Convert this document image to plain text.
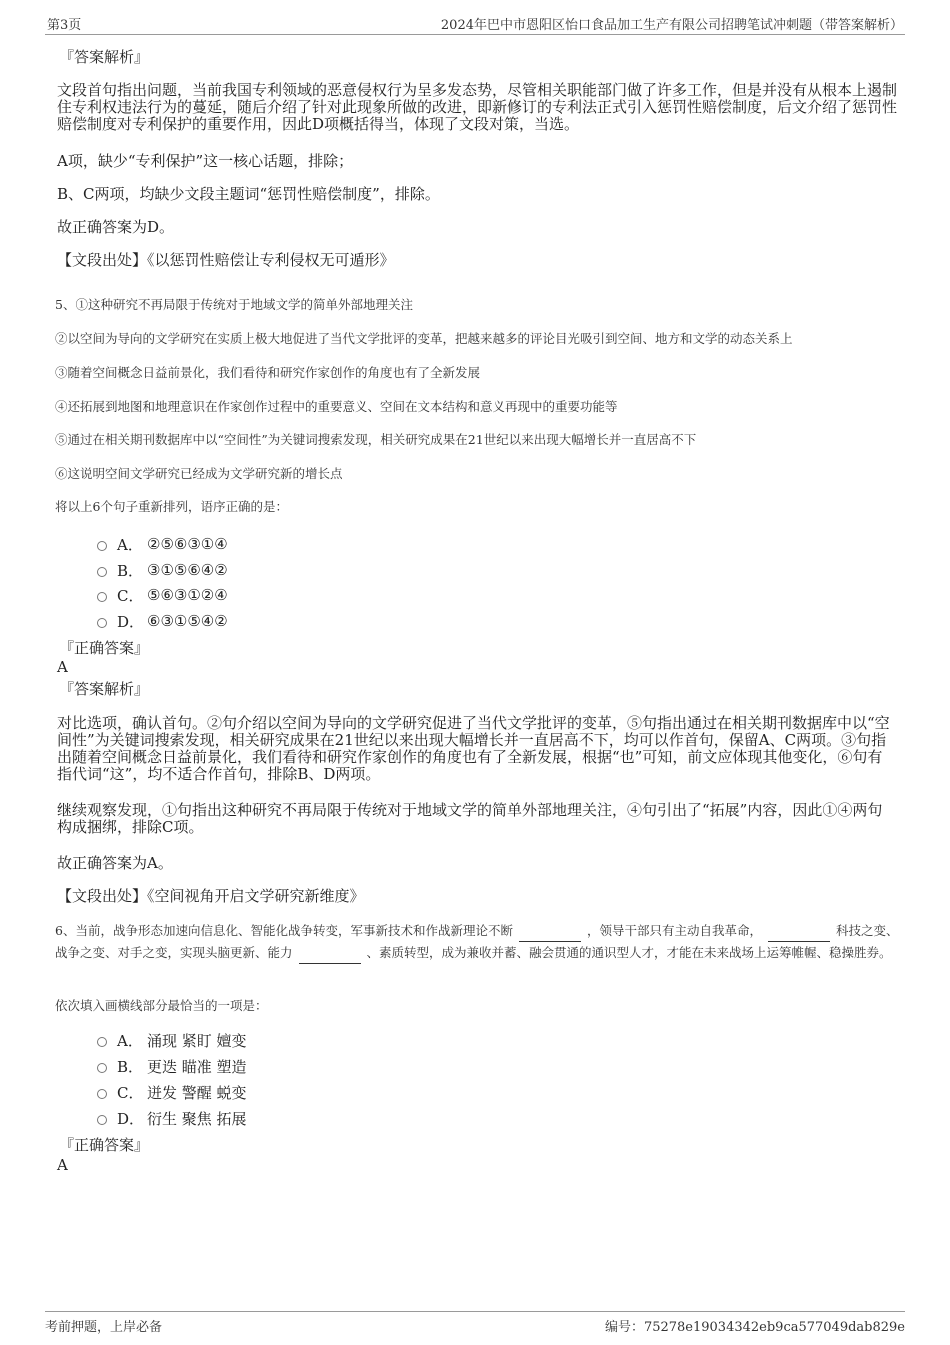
第3页	2024年巴中市恩阳区怡口食品加工生产有限公司招聘笔试冲刺题（带答案解析）
『答案解析』
文段首句指出问题，当前我国专利领域的恶意侵权行为呈多发态势，尽管相关职能部门做了许多工作，但是并没有从根本上遏制住专利权违法行为的蔓延，随后介绍了针对此现象所做的改进，即新修订的专利法正式引入惩罚性赔偿制度，后文介绍了惩罚性赔偿制度对专利保护的重要作用，因此D项概括得当，体现了文段对策，当选。
A项，缺少“专利保护”这一核心话题，排除；
B、C两项，均缺少文段主题词“惩罚性赔偿制度”，排除。
故正确答案为D。
【文段出处】《以惩罚性赔偿让专利侵权无可遁形》
5、①这种研究不再局限于传统对于地域文学的简单外部地理关注
②以空间为导向的文学研究在实质上极大地促进了当代文学批评的变革，把越来越多的评论目光吸引到空间、地方和文学的动态关系上
③随着空间概念日益前景化，我们看待和研究作家创作的角度也有了全新发展
④还拓展到地图和地理意识在作家创作过程中的重要意义、空间在文本结构和意义再现中的重要功能等
⑤通过在相关期刊数据库中以“空间性”为关键词搜索发现，相关研究成果在21世纪以来出现大幅增长并一直居高不下
⑥这说明空间文学研究已经成为文学研究新的增长点
将以上6个句子重新排列，语序正确的是：
A． ②⑤⑥③①④
B． ③①⑤⑥④②
C． ⑤⑥③①②④
D． ⑥③①⑤④②
『正确答案』
A
『答案解析』
对比选项，确认首句。②句介绍以空间为导向的文学研究促进了当代文学批评的变革，⑤句指出通过在相关期刊数据库中以“空间性”为关键词搜索发现，相关研究成果在21世纪以来出现大幅增长并一直居高不下，均可以作首句，保留A、C两项。③句指出随着空间概念日益前景化，我们看待和研究作家创作的角度也有了全新发展，根据“也”可知，前文应体现其他变化，⑥句有指代词“这”，均不适合作首句，排除B、D两项。
继续观察发现，①句指出这种研究不再局限于传统对于地域文学的简单外部地理关注，④句引出了“拓展”内容，因此①④两句构成捆绑，排除C项。
故正确答案为A。
【文段出处】《空间视角开启文学研究新维度》
6、当前，战争形态加速向信息化、智能化战争转变，军事新技术和作战新理论不断	，领导干部只有主动自我革命，	科技之变、战争之变、对手之变，实现头脑更新、能力	、素质转型，成为兼收并蓄、融会贯通的通识型人才，才能在未来战场上运筹帷幄、稳操胜券。
依次填入画横线部分最恰当的一项是：
A． 涌现 紧盯 嬗变
B． 更迭 瞄准 塑造
C． 迸发 警醒 蜕变
D． 衍生 聚焦 拓展
『正确答案』
A
考前押题，上岸必备	编号：75278e19034342eb9ca577049dab829e
